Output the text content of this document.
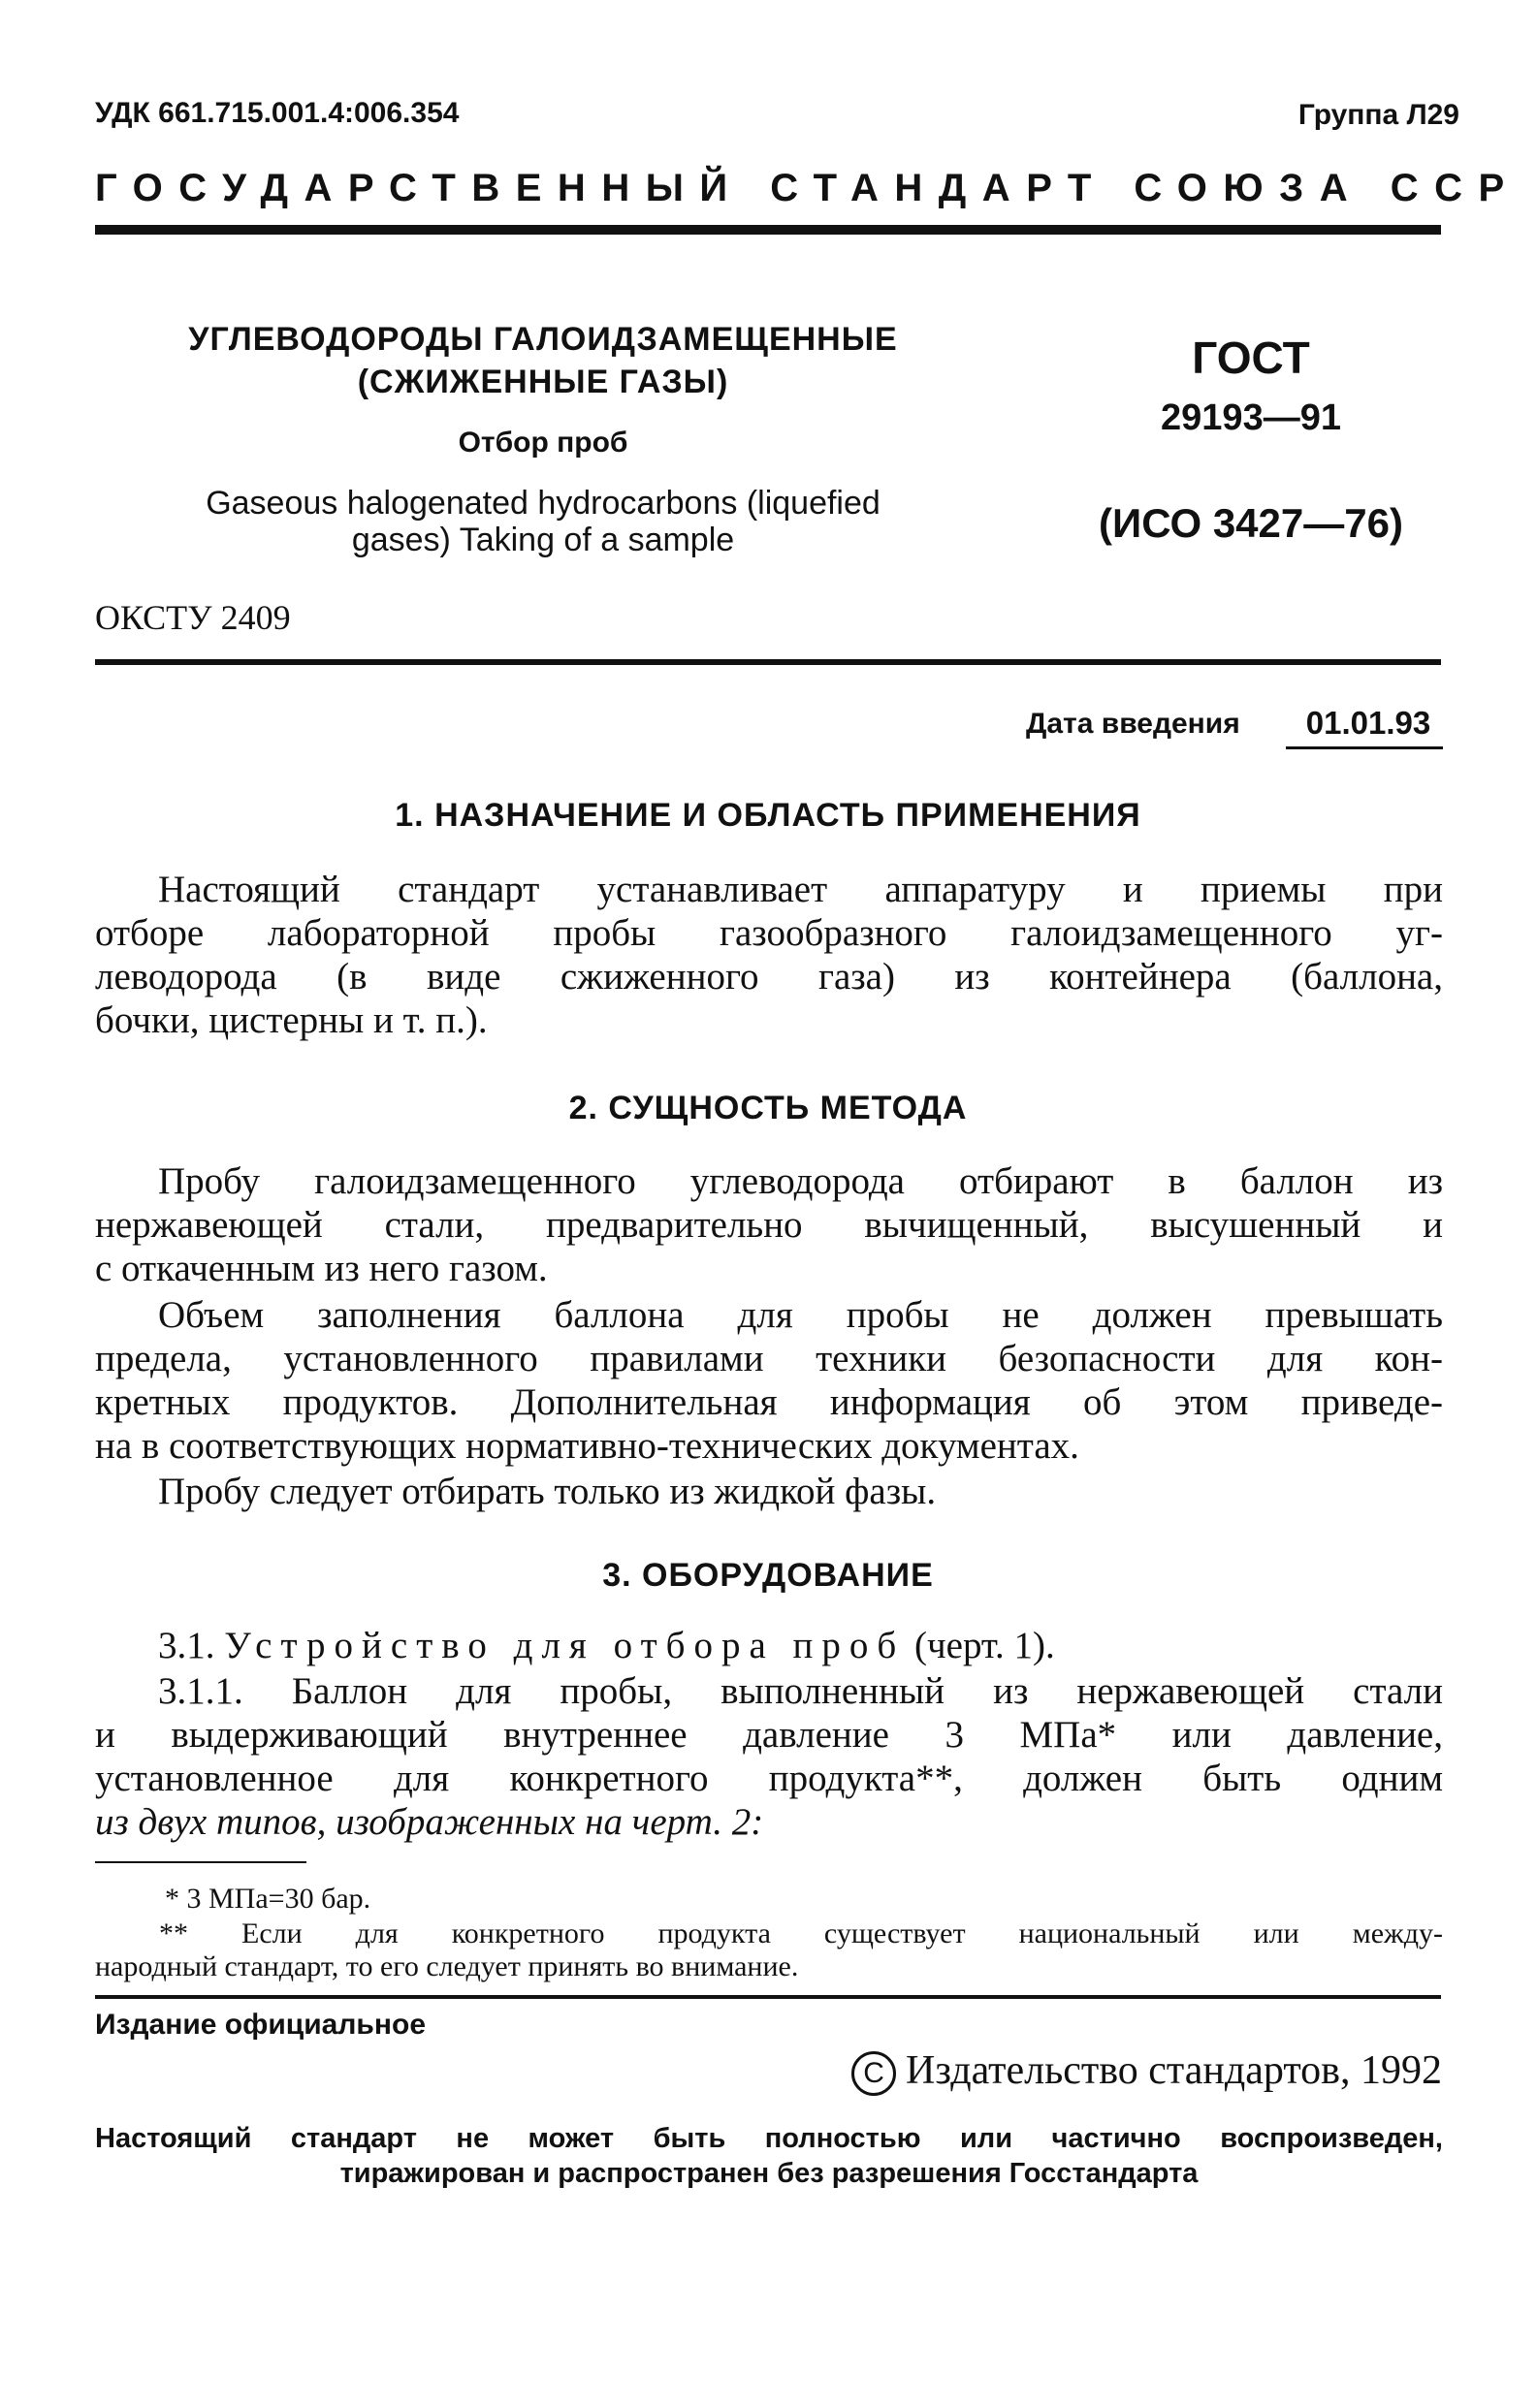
УДК 661.715.001.4:006.354	Группа Л29
ГОСУДАРСТВЕННЫЙ СТАНДАРТ СОЮЗА ССР
УГЛЕВОДОРОДЫ ГАЛОИДЗАМЕЩЕННЫЕ
(СЖИЖЕННЫЕ ГАЗЫ)
Отбор проб
Gaseous halogenated hydrocarbons (liquefied
gases) Taking of a sample
ОКСТУ 2409
ГОСТ
29193—91
(ИСО 3427—76)
Дата введения	01.01.93
1. НАЗНАЧЕНИЕ И ОБЛАСТЬ ПРИМЕНЕНИЯ
Настоящий стандарт устанавливает аппаратуру и приемы при
отборе лабораторной пробы газообразного галоидзамещенного уг-
леводорода (в виде сжиженного газа) из контейнера (баллона,
бочки, цистерны и т. п.).
2. СУЩНОСТЬ МЕТОДА
Пробу галоидзамещенного углеводорода отбирают в баллон из
нержавеющей стали, предварительно вычищенный, высушенный и
с откаченным из него газом.
Объем заполнения баллона для пробы не должен превышать
предела, установленного правилами техники безопасности для кон-
кретных продуктов. Дополнительная информация об этом приведе-
на в соответствующих нормативно-технических документах.
Пробу следует отбирать только из жидкой фазы.
3. ОБОРУДОВАНИЕ
3.1. Устройство для отбора проб (черт. 1).
3.1.1. Баллон для пробы, выполненный из нержавеющей стали
и выдерживающий внутреннее давление 3 МПа* или давление,
установленное для конкретного продукта**, должен быть одним
из двух типов, изображенных на черт. 2:
* 3 МПа=30 бар.
** Если для конкретного продукта существует национальный или между-
народный стандарт, то его следует принять во внимание.
Издание официальное
C Издательство стандартов, 1992
Настоящий стандарт не может быть полностью или частично воспроизведен,
тиражирован и распространен без разрешения Госстандарта
